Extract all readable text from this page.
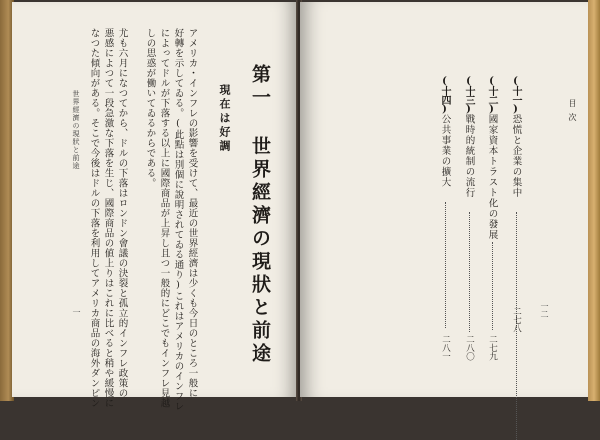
世界經濟の現狀と前途 なつた傾向がある。そこで今後はドルの下落を利用してアメリカ商品の海外ダンピン 悪感によつて一段急激な下落を生じ、國際商品の値上りはこれに比べると稍や緩慢に 尤も六月になつてから、ドルの下落はロンドン會議の決裂と孤立的インフレ政策の しの思惑が働いてゐるからである。 によってドルが下落する以上に國際商品が上昇し且つ一般的にどこでもインフレ見越 好轉を示してゐる。(此點は別個に說明されてゐる通り)これはアメリカのインフレ アメリカ・インフレの影響を受けて、最近の世界經濟は少くも今日のところ一般に 現在は好調 第一 世界經濟の現狀と前途
一
目次
(十一)
恐慌と企業の集中
二七八
(十二)
國家資本トラスト化の發展
二七九
(十三)
戰時的統制の流行
二八〇
(十四)
公共事業の擴大
二八一
一二
